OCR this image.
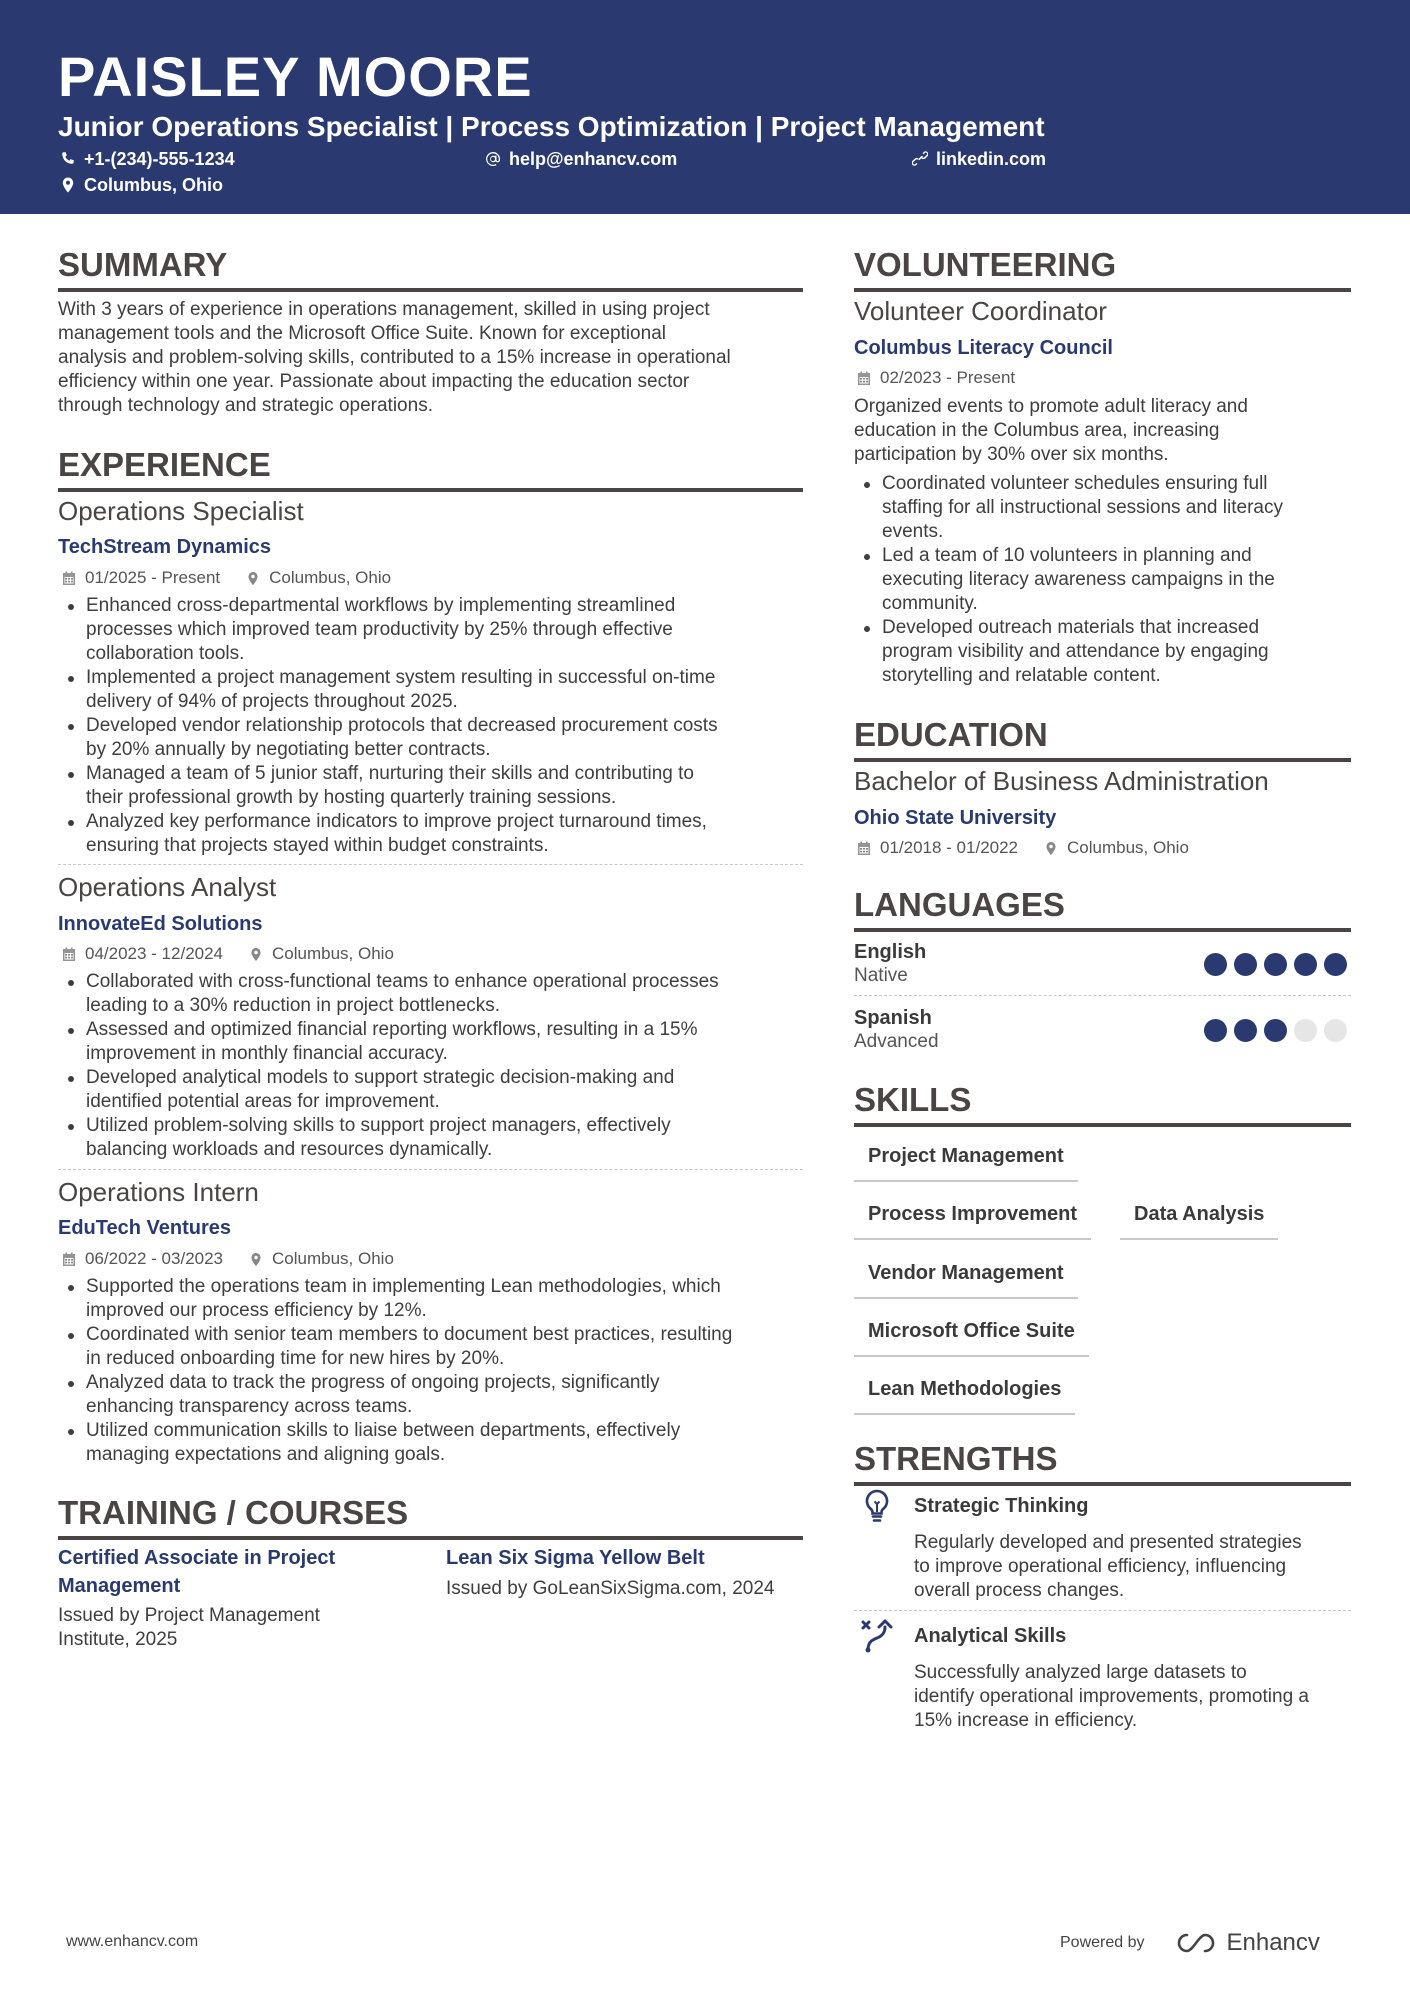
PAISLEY MOORE
Junior Operations Specialist | Process Optimization | Project Management
+1-(234)-555-1234	help@enhancv.com	linkedin.com
Columbus, Ohio
SUMMARY
With 3 years of experience in operations management, skilled in using project
management tools and the Microsoft Office Suite. Known for exceptional
analysis and problem-solving skills, contributed to a 15% increase in operational
efficiency within one year. Passionate about impacting the education sector
through technology and strategic operations.
EXPERIENCE
Operations Specialist
TechStream Dynamics
01/2025 - Present	Columbus, Ohio
Enhanced cross-departmental workflows by implementing streamlined
processes which improved team productivity by 25% through effective
collaboration tools.
Implemented a project management system resulting in successful on-time
delivery of 94% of projects throughout 2025.
Developed vendor relationship protocols that decreased procurement costs
by 20% annually by negotiating better contracts.
Managed a team of 5 junior staff, nurturing their skills and contributing to
their professional growth by hosting quarterly training sessions.
Analyzed key performance indicators to improve project turnaround times,
ensuring that projects stayed within budget constraints.
Operations Analyst
InnovateEd Solutions
04/2023 - 12/2024	Columbus, Ohio
Collaborated with cross-functional teams to enhance operational processes
leading to a 30% reduction in project bottlenecks.
Assessed and optimized financial reporting workflows, resulting in a 15%
improvement in monthly financial accuracy.
Developed analytical models to support strategic decision-making and
identified potential areas for improvement.
Utilized problem-solving skills to support project managers, effectively
balancing workloads and resources dynamically.
Operations Intern
EduTech Ventures
06/2022 - 03/2023	Columbus, Ohio
Supported the operations team in implementing Lean methodologies, which
improved our process efficiency by 12%.
Coordinated with senior team members to document best practices, resulting
in reduced onboarding time for new hires by 20%.
Analyzed data to track the progress of ongoing projects, significantly
enhancing transparency across teams.
Utilized communication skills to liaise between departments, effectively
managing expectations and aligning goals.
TRAINING / COURSES
Certified Associate in Project
Management
Issued by Project Management
Institute, 2025
Lean Six Sigma Yellow Belt
Issued by GoLeanSixSigma.com, 2024
VOLUNTEERING
Volunteer Coordinator
Columbus Literacy Council
02/2023 - Present
Organized events to promote adult literacy and
education in the Columbus area, increasing
participation by 30% over six months.
Coordinated volunteer schedules ensuring full
staffing for all instructional sessions and literacy
events.
Led a team of 10 volunteers in planning and
executing literacy awareness campaigns in the
community.
Developed outreach materials that increased
program visibility and attendance by engaging
storytelling and relatable content.
EDUCATION
Bachelor of Business Administration
Ohio State University
01/2018 - 01/2022	Columbus, Ohio
LANGUAGES
English
Native
Spanish
Advanced
SKILLS
Project Management
Process Improvement	Data Analysis
Vendor Management
Microsoft Office Suite
Lean Methodologies
STRENGTHS
Strategic Thinking
Regularly developed and presented strategies
to improve operational efficiency, influencing
overall process changes.
Analytical Skills
Successfully analyzed large datasets to
identify operational improvements, promoting a
15% increase in efficiency.
www.enhancv.com	Powered by	Enhancv
